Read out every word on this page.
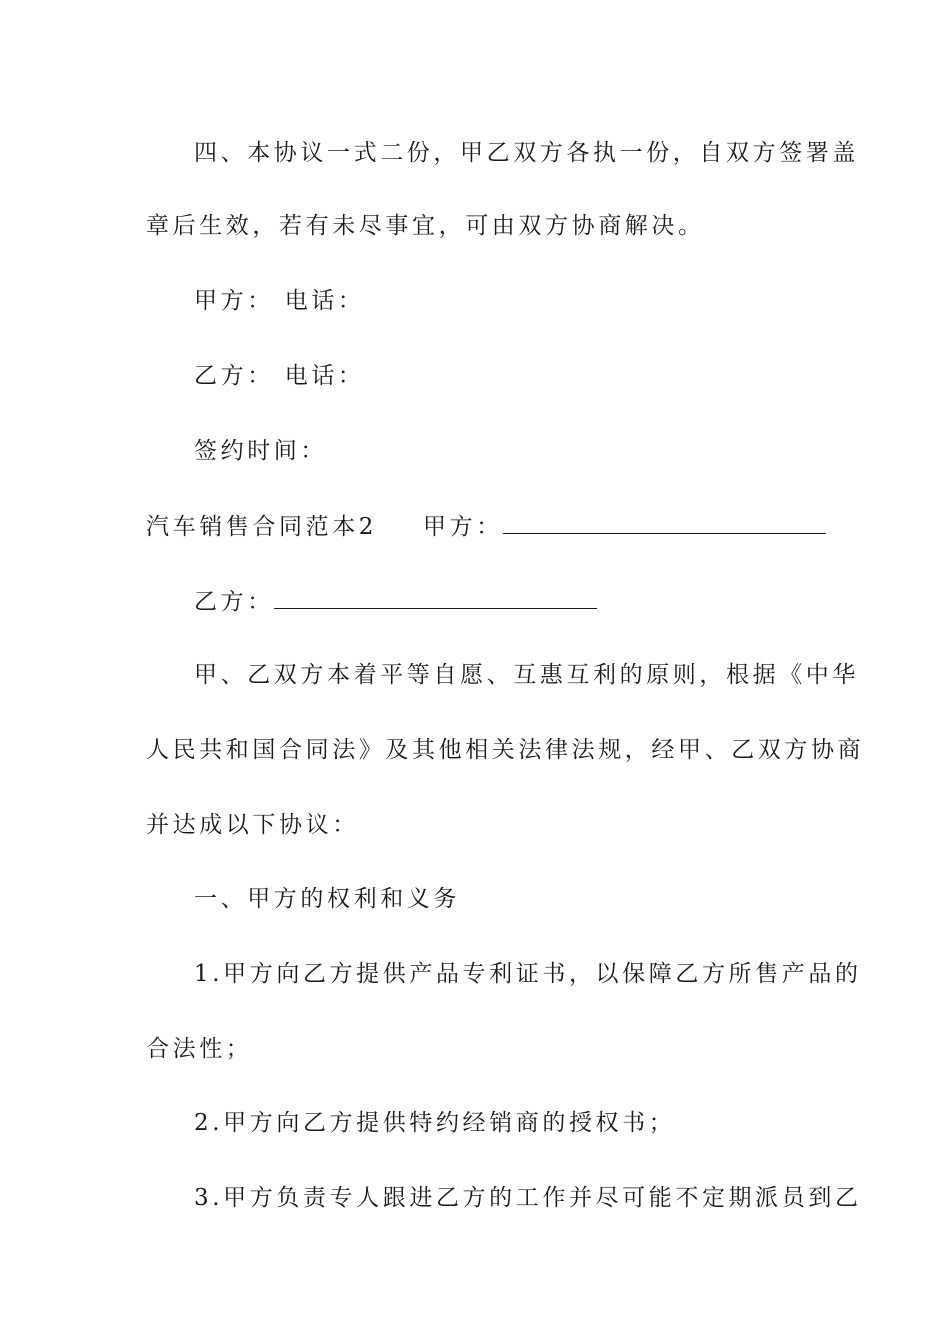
四、本协议一式二份，甲乙双方各执一份，自双方签署盖
章后生效，若有未尽事宜，可由双方协商解决。
甲方： 电话：
乙方： 电话：
签约时间：
汽车销售合同范本2 甲方：
乙方：
甲、乙双方本着平等自愿、互惠互利的原则，根据《中华
人民共和国合同法》及其他相关法律法规，经甲、乙双方协商
并达成以下协议：
一、甲方的权利和义务
1.甲方向乙方提供产品专利证书，以保障乙方所售产品的
合法性；
2.甲方向乙方提供特约经销商的授权书；
3.甲方负责专人跟进乙方的工作并尽可能不定期派员到乙
